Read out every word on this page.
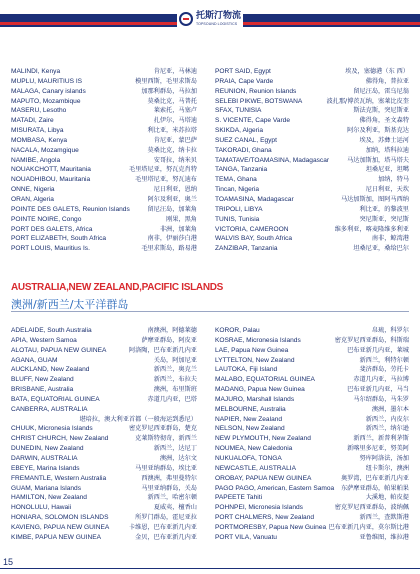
托斯汀物流
TOPSOUND LOGISTICS
MALINDI, Kenya	肯尼亚，马林迪
MUPLU, MAURITIUS IS	模里西斯，毛里求斯岛
MALAGA, Canary islands	加那利群岛，马拉加
MAPUTO, Mozambique	莫桑比克，马普托
MASERU, Lesotho	莱索托，马塞卢
MATADI, Zaire	扎伊尔，马塔迪
MISURATA, Libya	利比亚，米苏拉塔
MOMBASA, Kenya	肯尼亚，蒙巴萨
NACALA, Mozamgique	莫桑比克，纳卡拉
NAMIBE, Angola	安哥拉，纳米贝
NOUAKCHOTT, Mauritania	毛里塔尼亚，努瓦克肖特
NOUADHIBOU, Mauritania	毛里塔尼亚，努瓦迪布
ONNE, Nigeria	尼日利亚，恩纳
ORAN, Algeria	阿尔及利亚，奥兰
POINTE DES GALETS, Reunion Islands	留尼汪岛，加莱角
POINTE NOIRE, Congo	刚果，黑角
PORT DES GALETS, Africa	非洲，加莱角
PORT ELIZABETH, South Africa	南非，伊丽莎白港
PORT LOUIS, Mauritius Is.	毛里求斯岛，路易港
PORT SAID, Egypt	埃及，塞德港（东 西）
PRAIA, Cape Varde	佛得角，普拉亚
REUNION, Reunion Islands	留尼汪岛，雷乌尼翁
SELEBI PIKWE, BOTSWANA	波扎那/博茨瓦纳，塞莱比皮奎
SFAX, TUNISIA	斯法克斯，突尼斯亚
S. VICENTE, Cape Varde	佛得角，圣文森特
SKIKDA, Algeria	阿尔及利亚，斯基克达
SUEZ CANAL, Egypt	埃及，苏彝士运河
TAKORADI, Ghana	加纳，塔科拉迪
TAMATAVE/TOAMASINA, Madagascar	马达加斯加，塔马塔夫
TANGA, Tanzania	坦桑尼亚，坦噶
TEMA, Ghana	加纳，特马
Tincan, Nigeria	尼日利亚，天坎
TOAMASINA, Madagascar	马达加斯加，图阿马西纳
TRIPOLI, LIBYA	利比亚，的黎波里
TUNIS, Tunisia	突尼斯亚，突尼斯
VICTORIA, CAMEROON	维多利亚，喀麦隆维多利亚
WALVIS BAY, South Africa	南非，鲸湾港
ZANZIBAR, Tanzania	坦桑尼亚，桑给巴尔
AUSTRALIA,NEW ZEALAND,PACIFIC ISLANDS
澳洲/新西兰/太平洋群岛
ADELAIDE, South Australia	南澳洲，阿德莱德
APIA, Western Samoa	萨摩亚群岛，阿皮亚
ALOTAU, PAPUA NEW GUINEA	阿洛陶，巴布亚新几内亚
AGANA, GUAM	关岛，阿加尼亚
AUCKLAND, New Zealand	新西兰，奥克兰
BLUFF, New Zealand	新西兰，布拉夫
BRISBANE, Australia	澳洲，布里斯班
BATA, EQUATORIAL GUINEA	赤道几内亚，巴塔
CANBERRA, AUSTRALIA
堪培拉，澳大利亚首都（一般海运到悉尼）
CHUUK, Micronesia Islands	密克罗尼西亚群岛，楚克
CHRIST CHURCH, New Zealand	克莱斯特彻奇，新西兰
DUNEDIN, New Zealand	新西兰，达尼丁
DARWIN, AUSTRALIA	澳洲，达尔文
EBEYE, Marina Islands	马里亚纳群岛，埃比亚
FREMANTLE, Western Australia	西澳洲，弗里曼特尔
GUAM, Mariana Islands	马里亚纳群岛，关岛
HAMILTON, New Zealand	新西兰，哈密尔顿
HONOLULU, Hawaii	夏威夷，檀香山
HONIARA, SOLOMON ISLANDS	所罗门群岛，霍尼亚拉
KAVIENG, PAPUA NEW GUINEA	卡维恩，巴布亚新几内亚
KIMBE, PAPUA NEW GUINEA	金贝，巴布亚新几内亚
KOROR, Palau	帛琉，科罗尔
KOSRAE, Micronesia Islands	密克罗尼西亚群岛，科斯瑞
LAE, Papua New Guinea	巴布亚新几内亚，莱城
LYTTELTON, New Zealand	新西兰，利特尔顿
LAUTOKA, Fiji Island	斐济群岛，劳托卡
MALABO, EQUATORIAL GUINEA	赤道几内亚，马拉博
MADANG, Papua New Guinea	巴布亚新几内亚，马当
MAJURO, Marshall Islands	马尔绍群岛，马朱罗
MELBOURNE, Australia	澳洲，墨尔本
NAPIER, New Zealand	新西兰，内皮尔
NELSON, New Zealand	新西兰，纳尔逊
NEW PLYMOUTH, New Zealand	新西兰，新普利茅斯
NOUMEA, New Caledonia	新喀里多尼亚，努美阿
NUKUALOFA, TONGA	努库阿洛法，汤加
NEWCASTLE, AUSTRALIA	纽卡斯尔，澳洲
OROBAY, PAPUA NEW GUINEA	奥罗湾，巴布亚新几内亚
PAGO PAGO, American, Eastern Samoa 东萨摩亚群岛，帕果帕果
PAPEETE Tahiti	大溪地，帕皮提
POHNPEI, Micronesia Islands	密克罗尼西亚群岛，波纳佩
PORT CHALMERS, New Zealand	新西兰，查默斯港
PORTMORESBY, Papua New Guinea 巴布亚新几内亚，莫尔斯比港
PORT VILA, Vanuatu	亚鲁维图，维拉港
15
